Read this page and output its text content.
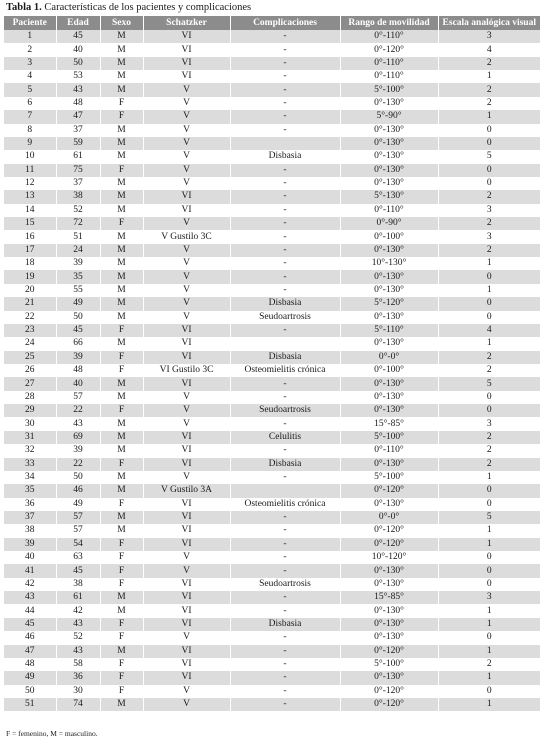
Tabla 1. Características de los pacientes y complicaciones
Paciente	Edad	Sexo	Schatzker	Complicaciones	Rango de movilidad	Escala analógica visual
1	45	M	VI	-	0°-110°	3
2	40	M	VI	-	0°-120°	4
3	50	M	VI	-	0°-110°	2
4	53	M	VI	-	0°-110°	1
5	43	M	V	-	5°-100°	2
6	48	F	V	-	0°-130°	2
7	47	F	V	-	5°-90°	1
8	37	M	V	-	0°-130°	0
9	59	M	V		0°-130°	0
10	61	M	V	Disbasia	0°-130°	5
11	75	F	V	-	0°-130°	0
12	37	M	V	-	0°-130°	0
13	38	M	VI	-	5°-130°	2
14	52	M	VI	-	0°-110°	3
15	72	F	V	-	0°-90°	2
16	51	M	V Gustilo 3C	-	0°-100°	3
17	24	M	V	-	0°-130°	2
18	39	M	V	-	10°-130°	1
19	35	M	V	-	0°-130°	0
20	55	M	V	-	0°-130°	1
21	49	M	V	Disbasia	5°-120°	0
22	50	M	V	Seudoartrosis	0°-130°	0
23	45	F	VI	-	5°-110°	4
24	66	M	VI		0°-130°	1
25	39	F	VI	Disbasia	0°-0°	2
26	48	F	VI Gustilo 3C	Osteomielitis crónica	0°-100°	2
27	40	M	VI	-	0°-130°	5
28	57	M	V	-	0°-130°	0
29	22	F	V	Seudoartrosis	0°-130°	0
30	43	M	V	-	15°-85°	3
31	69	M	VI	Celulitis	5°-100°	2
32	39	M	VI	-	0°-110°	2
33	22	F	VI	Disbasia	0°-130°	2
34	50	M	V	-	5°-100°	1
35	46	M	V Gustilo 3A		0°-120°	0
36	49	F	VI	Osteomielitis crónica	0°-130°	0
37	57	M	VI	-	0°-0°	5
38	57	M	VI	-	0°-120°	1
39	54	F	VI	-	0°-120°	1
40	63	F	V	-	10°-120°	0
41	45	F	V	-	0°-130°	0
42	38	F	VI	Seudoartrosis	0°-130°	0
43	61	M	VI	-	15°-85°	3
44	42	M	VI	-	0°-130°	1
45	43	F	VI	Disbasia	0°-130°	1
46	52	F	V	-	0°-130°	0
47	43	M	VI	-	0°-120°	1
48	58	F	VI	-	5°-100°	2
49	36	F	VI	-	0°-130°	1
50	30	F	V	-	0°-120°	0
51	74	M	V	-	0°-120°	1
F = femenino, M = masculino.
